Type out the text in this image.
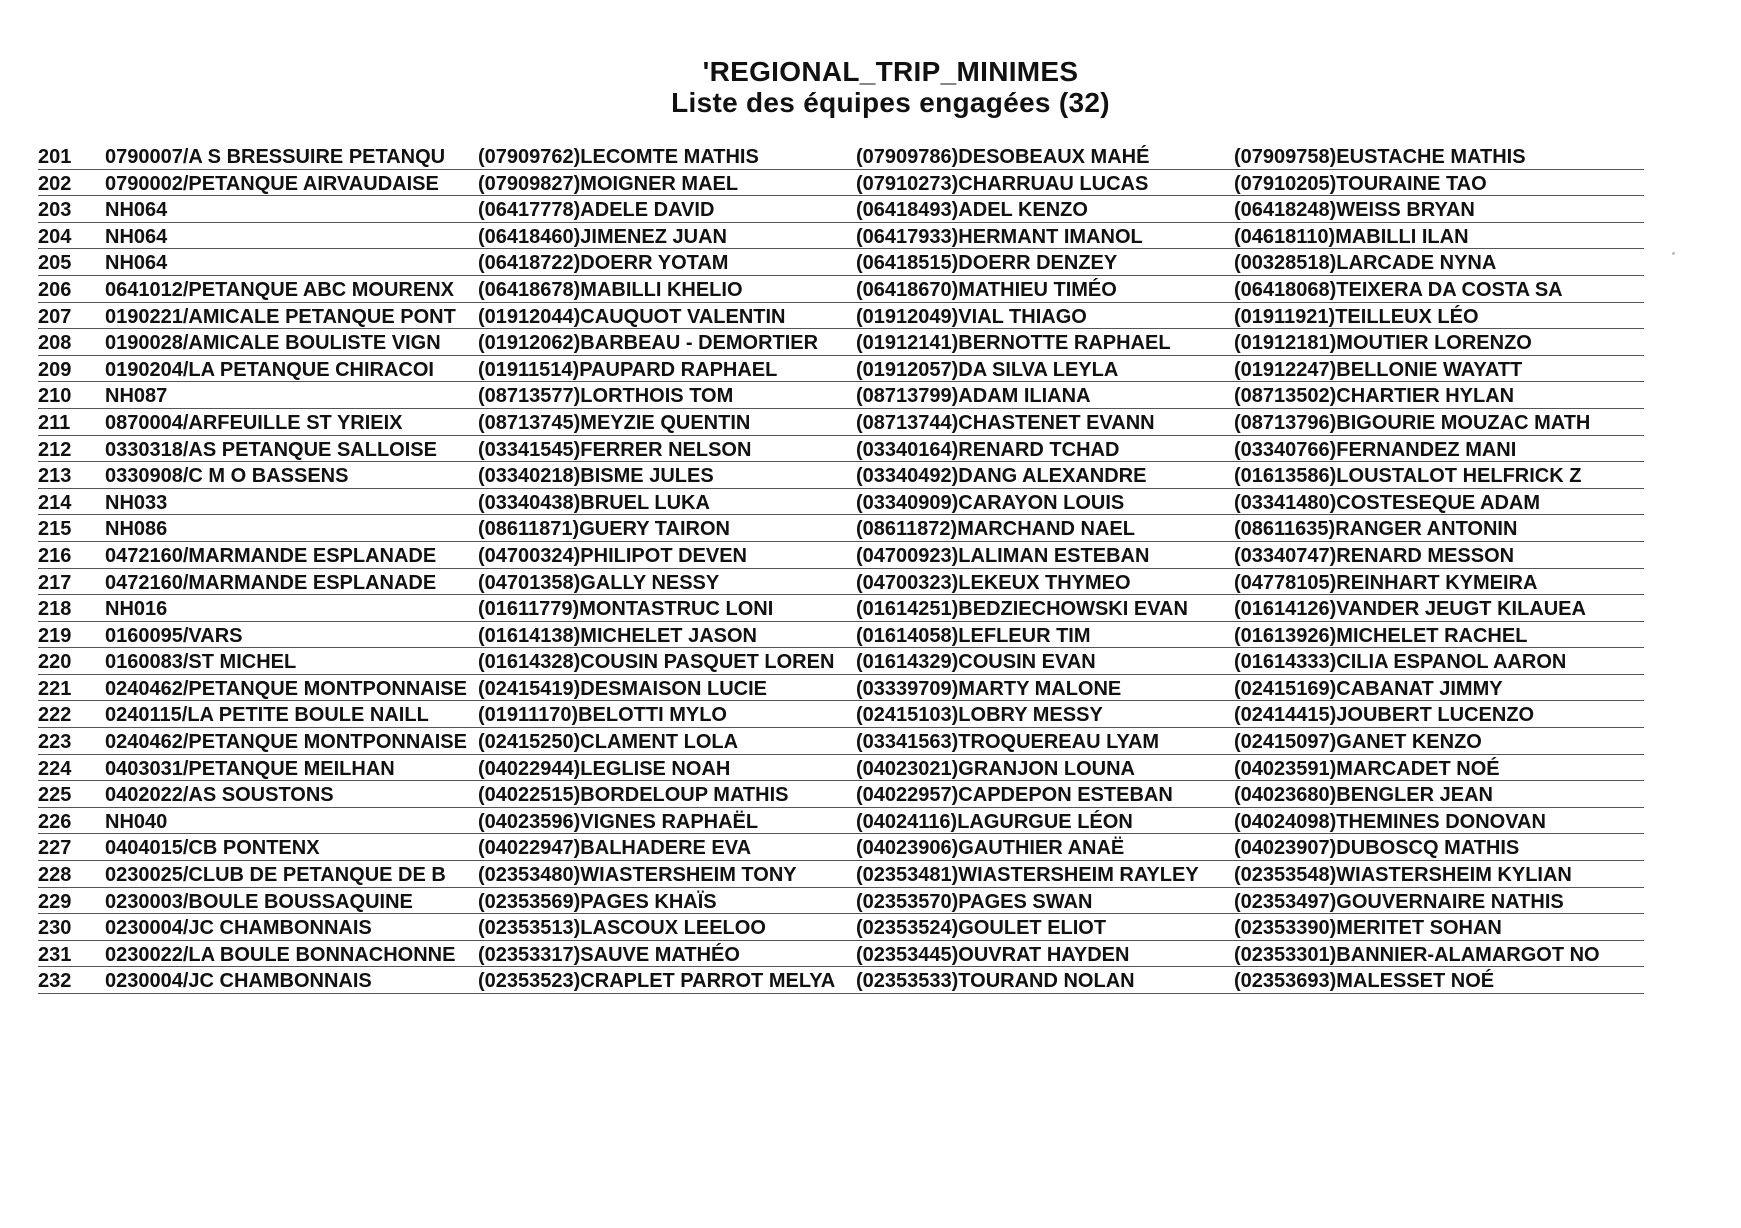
'REGIONAL_TRIP_MINIMES
Liste des équipes engagées (32)
201	0790007/A S BRESSUIRE PETANQU	(07909762)LECOMTE MATHIS	(07909786)DESOBEAUX MAHÉ	(07909758)EUSTACHE MATHIS
202	0790002/PETANQUE AIRVAUDAISE	(07909827)MOIGNER MAEL	(07910273)CHARRUAU LUCAS	(07910205)TOURAINE TAO
203	NH064	(06417778)ADELE DAVID	(06418493)ADEL KENZO	(06418248)WEISS BRYAN
204	NH064	(06418460)JIMENEZ JUAN	(06417933)HERMANT IMANOL	(04618110)MABILLI ILAN
205	NH064	(06418722)DOERR YOTAM	(06418515)DOERR DENZEY	(00328518)LARCADE NYNA
206	0641012/PETANQUE ABC MOURENX	(06418678)MABILLI KHELIO	(06418670)MATHIEU TIMÉO	(06418068)TEIXERA DA COSTA SA
207	0190221/AMICALE PETANQUE PONT	(01912044)CAUQUOT VALENTIN	(01912049)VIAL THIAGO	(01911921)TEILLEUX LÉO
208	0190028/AMICALE BOULISTE VIGN	(01912062)BARBEAU - DEMORTIER	(01912141)BERNOTTE RAPHAEL	(01912181)MOUTIER LORENZO
209	0190204/LA PETANQUE CHIRACOI	(01911514)PAUPARD RAPHAEL	(01912057)DA SILVA LEYLA	(01912247)BELLONIE WAYATT
210	NH087	(08713577)LORTHOIS TOM	(08713799)ADAM ILIANA	(08713502)CHARTIER HYLAN
211	0870004/ARFEUILLE ST YRIEIX	(08713745)MEYZIE QUENTIN	(08713744)CHASTENET EVANN	(08713796)BIGOURIE MOUZAC MATH
212	0330318/AS PETANQUE SALLOISE	(03341545)FERRER NELSON	(03340164)RENARD TCHAD	(03340766)FERNANDEZ MANI
213	0330908/C M O BASSENS	(03340218)BISME JULES	(03340492)DANG ALEXANDRE	(01613586)LOUSTALOT HELFRICK Z
214	NH033	(03340438)BRUEL LUKA	(03340909)CARAYON LOUIS	(03341480)COSTESEQUE ADAM
215	NH086	(08611871)GUERY TAIRON	(08611872)MARCHAND NAEL	(08611635)RANGER ANTONIN
216	0472160/MARMANDE ESPLANADE	(04700324)PHILIPOT DEVEN	(04700923)LALIMAN ESTEBAN	(03340747)RENARD MESSON
217	0472160/MARMANDE ESPLANADE	(04701358)GALLY NESSY	(04700323)LEKEUX THYMEO	(04778105)REINHART KYMEIRA
218	NH016	(01611779)MONTASTRUC LONI	(01614251)BEDZIECHOWSKI EVAN	(01614126)VANDER JEUGT KILAUEA
219	0160095/VARS	(01614138)MICHELET JASON	(01614058)LEFLEUR TIM	(01613926)MICHELET RACHEL
220	0160083/ST MICHEL	(01614328)COUSIN PASQUET LOREN	(01614329)COUSIN EVAN	(01614333)CILIA ESPANOL AARON
221	0240462/PETANQUE MONTPONNAISE (02415419)DESMAISON LUCIE	(03339709)MARTY MALONE	(02415169)CABANAT JIMMY
222	0240115/LA PETITE BOULE NAILL	(01911170)BELOTTI MYLO	(02415103)LOBRY MESSY	(02414415)JOUBERT LUCENZO
223	0240462/PETANQUE MONTPONNAISE (02415250)CLAMENT LOLA	(03341563)TROQUEREAU LYAM	(02415097)GANET KENZO
224	0403031/PETANQUE MEILHAN	(04022944)LEGLISE NOAH	(04023021)GRANJON LOUNA	(04023591)MARCADET NOÉ
225	0402022/AS SOUSTONS	(04022515)BORDELOUP MATHIS	(04022957)CAPDEPON ESTEBAN	(04023680)BENGLER JEAN
226	NH040	(04023596)VIGNES RAPHAËL	(04024116)LAGURGUE LÉON	(04024098)THEMINES DONOVAN
227	0404015/CB PONTENX	(04022947)BALHADERE EVA	(04023906)GAUTHIER ANAË	(04023907)DUBOSCQ MATHIS
228	0230025/CLUB DE PETANQUE DE B	(02353480)WIASTERSHEIM TONY	(02353481)WIASTERSHEIM RAYLEY	(02353548)WIASTERSHEIM KYLIAN
229	0230003/BOULE BOUSSAQUINE	(02353569)PAGES KHAÏS	(02353570)PAGES SWAN	(02353497)GOUVERNAIRE NATHIS
230	0230004/JC CHAMBONNAIS	(02353513)LASCOUX LEELOO	(02353524)GOULET ELIOT	(02353390)MERITET SOHAN
231	0230022/LA BOULE BONNACHONNE	(02353317)SAUVE MATHÉO	(02353445)OUVRAT HAYDEN	(02353301)BANNIER-ALAMARGOT NO
232	0230004/JC CHAMBONNAIS	(02353523)CRAPLET PARROT MELYA	(02353533)TOURAND NOLAN	(02353693)MALESSET NOÉ
